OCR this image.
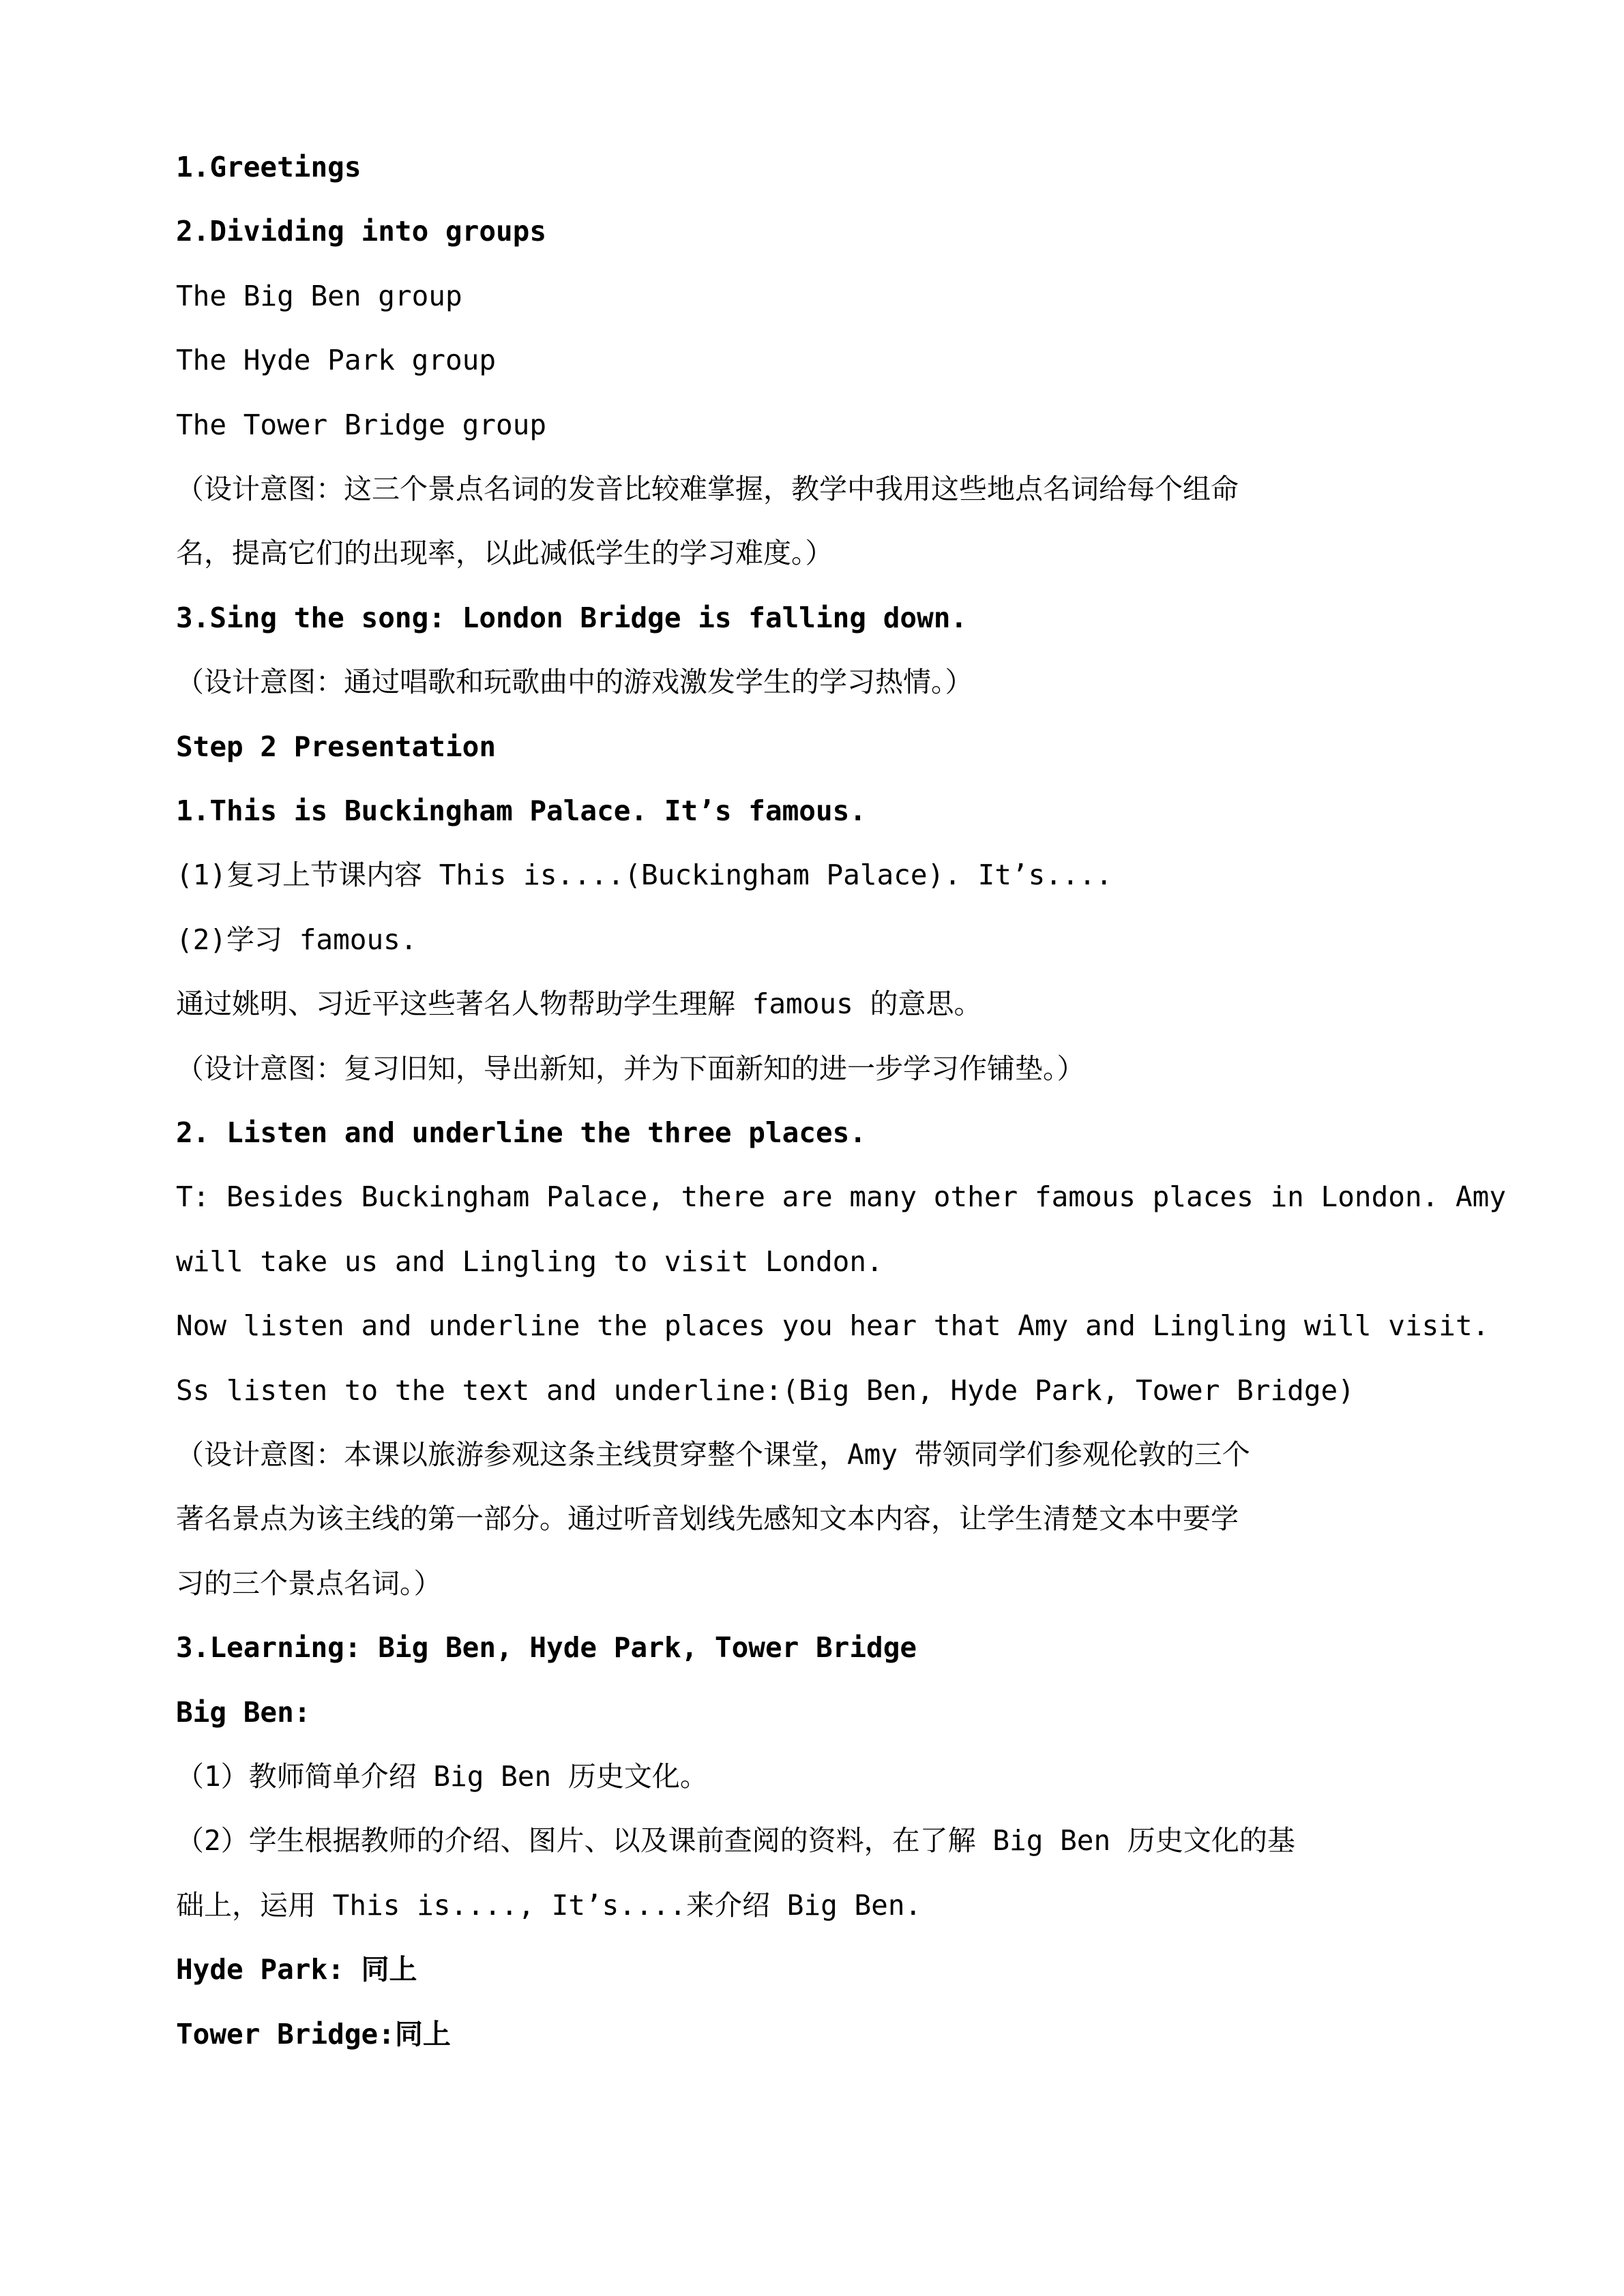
1.Greetings
2.Dividing into groups
The Big Ben group
The Hyde Park group
The Tower Bridge group
（设计意图：这三个景点名词的发音比较难掌握，教学中我用这些地点名词给每个组命
名，提高它们的出现率，以此减低学生的学习难度。）
3.Sing the song: London Bridge is falling down.
（设计意图：通过唱歌和玩歌曲中的游戏激发学生的学习热情。）
Step 2 Presentation
1.This is Buckingham Palace. It’s famous.
(1)复习上节课内容 This is....(Buckingham Palace). It’s....
(2)学习 famous.
通过姚明、习近平这些著名人物帮助学生理解 famous 的意思。
（设计意图：复习旧知，导出新知，并为下面新知的进一步学习作铺垫。）
2. Listen and underline the three places.
T: Besides Buckingham Palace, there are many other famous places in London. Amy
will take us and Lingling to visit London.
Now listen and underline the places you hear that Amy and Lingling will visit.
Ss listen to the text and underline:(Big Ben, Hyde Park, Tower Bridge)
（设计意图：本课以旅游参观这条主线贯穿整个课堂，Amy 带领同学们参观伦敦的三个
著名景点为该主线的第一部分。通过听音划线先感知文本内容，让学生清楚文本中要学
习的三个景点名词。）
3.Learning: Big Ben, Hyde Park, Tower Bridge
Big Ben:
（1）教师简单介绍 Big Ben 历史文化。
（2）学生根据教师的介绍、图片、以及课前查阅的资料，在了解 Big Ben 历史文化的基
础上，运用 This is...., It’s....来介绍 Big Ben.
Hyde Park: 同上
Tower Bridge:同上
